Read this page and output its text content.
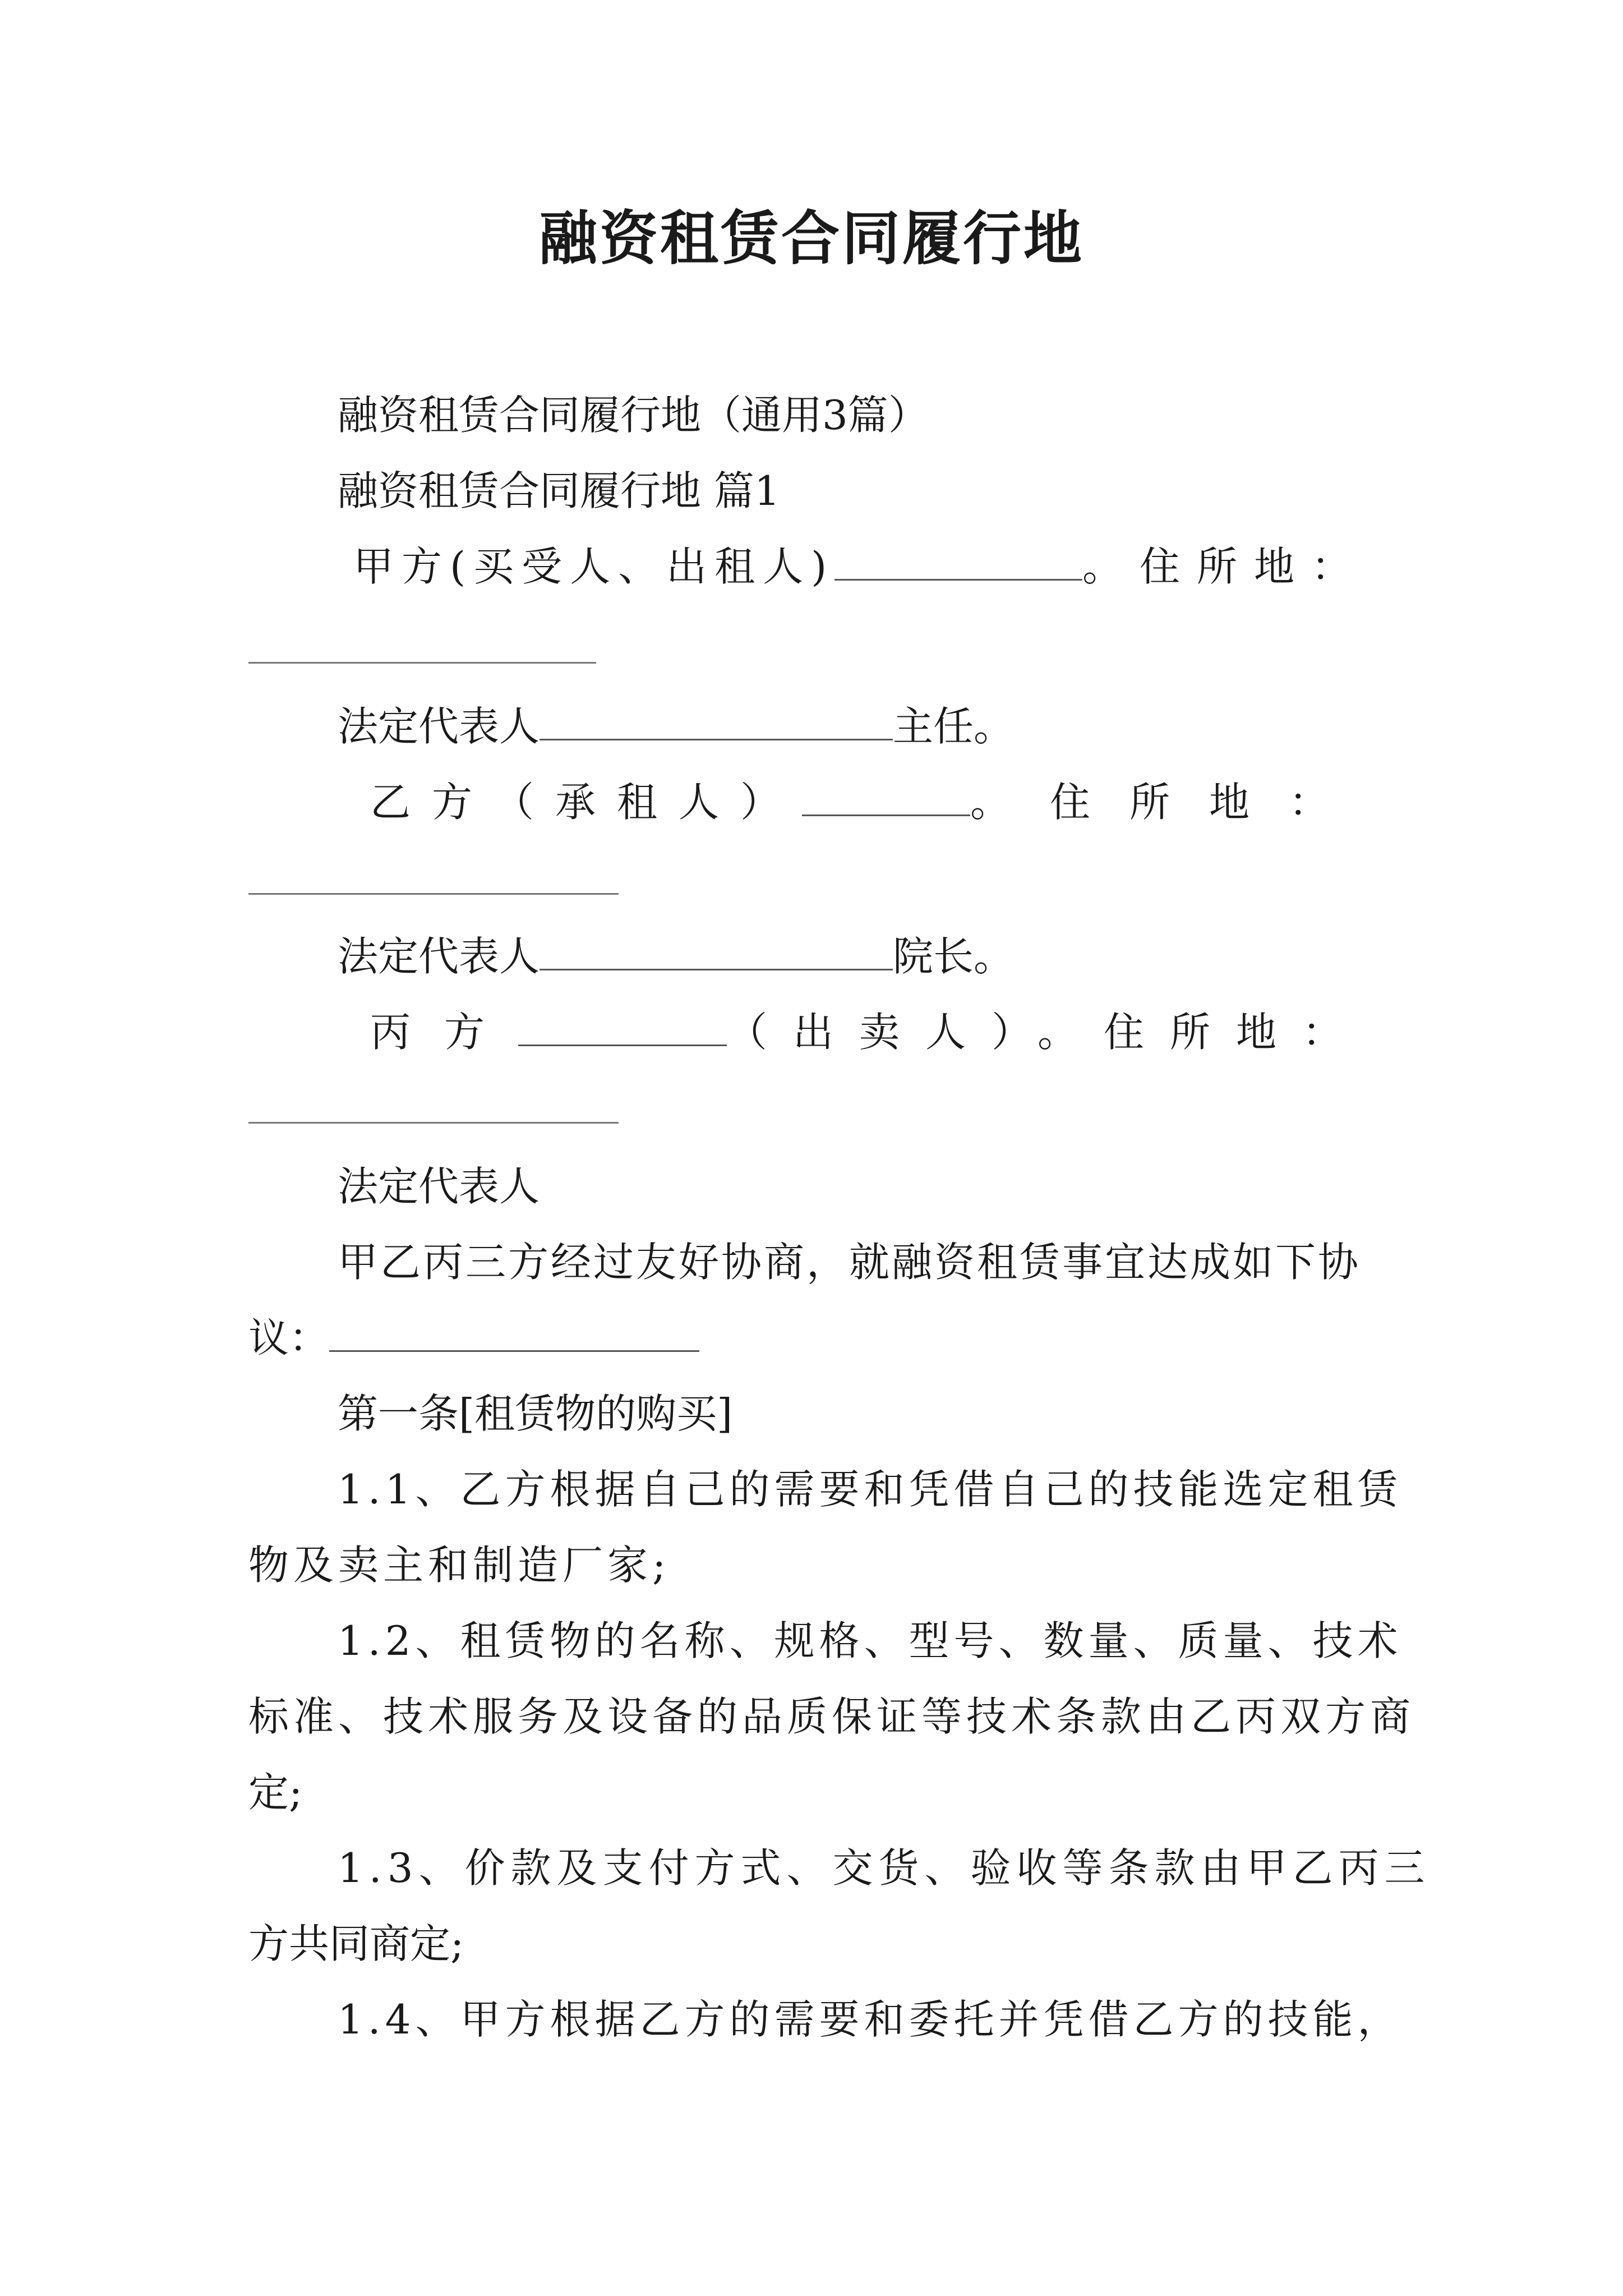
融资租赁合同履行地
融资租赁合同履行地（通用3篇）
融资租赁合同履行地 篇1
甲方(买受人、出租人)	。住所地：
法定代表人	主任。
乙方（承租人）	。住所地：
法定代表人	院长。
丙方	（出卖人）。住所地：
法定代表人
甲乙丙三方经过友好协商，就融资租赁事宜达成如下协
议：
第一条[租赁物的购买]
1.1、乙方根据自己的需要和凭借自己的技能选定租赁
物及卖主和制造厂家;
1.2、租赁物的名称、规格、型号、数量、质量、技术
标准、技术服务及设备的品质保证等技术条款由乙丙双方商
定;
1.3、价款及支付方式、交货、验收等条款由甲乙丙三
方共同商定;
1.4、甲方根据乙方的需要和委托并凭借乙方的技能，
